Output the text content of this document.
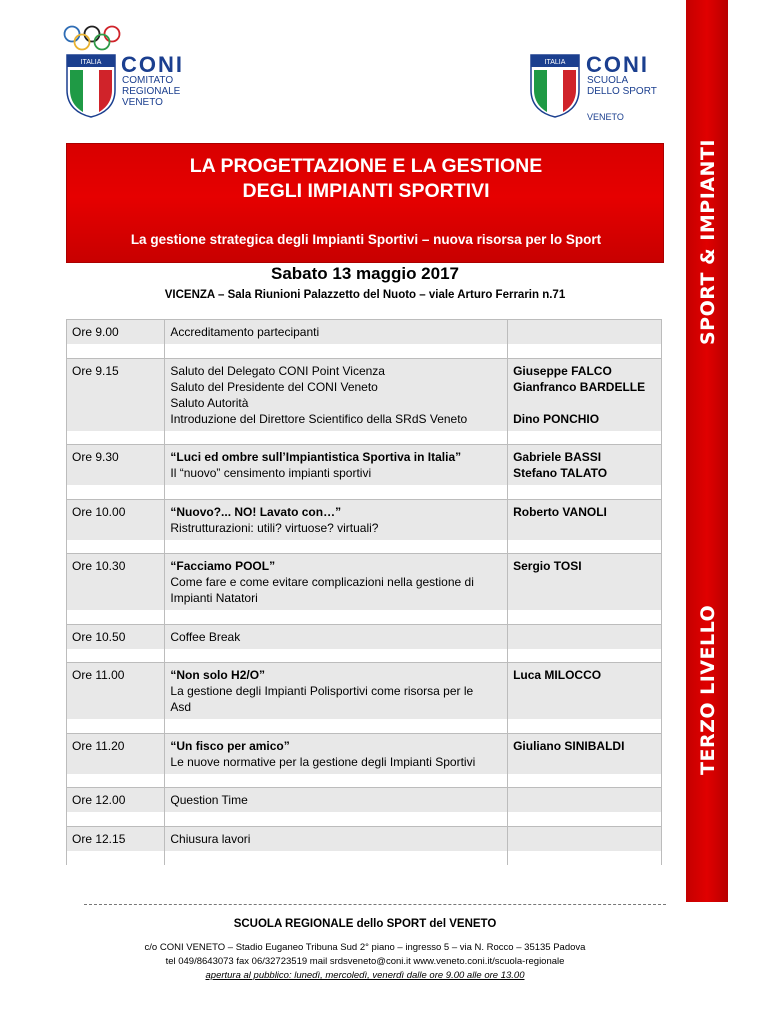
ITALIA CONI
COMITATO
REGIONALE
VENETO
ITALIA CONI
SCUOLA
DELLO SPORT
VENETO
SPORT & IMPIANTI
TERZO LIVELLO
LA PROGETTAZIONE E LA GESTIONE
DEGLI IMPIANTI SPORTIVI
La gestione strategica degli Impianti Sportivi – nuova risorsa per lo Sport
Sabato 13 maggio 2017
VICENZA – Sala Riunioni Palazzetto del Nuoto – viale Arturo Ferrarin n.71
Ore 9.00	Accreditamento partecipanti	

Ore 9.15	Saluto del Delegato CONI Point Vicenza
Saluto del Presidente del CONI Veneto
Saluto Autorità
Introduzione del Direttore Scientifico della SRdS Veneto	Giuseppe FALCO
Gianfranco BARDELLE

Dino PONCHIO

Ore 9.30	“Luci ed ombre sull’Impiantistica Sportiva in Italia”
Il “nuovo” censimento impianti sportivi	Gabriele BASSI
Stefano TALATO

Ore 10.00	“Nuovo?... NO! Lavato con…”
Ristrutturazioni: utili? virtuose? virtuali?	Roberto VANOLI

Ore 10.30	“Facciamo POOL”
Come fare e come evitare complicazioni nella gestione di
Impianti Natatori	Sergio TOSI

Ore 10.50	Coffee Break	

Ore 11.00	“Non solo H2/O”
La gestione degli Impianti Polisportivi come risorsa per le
Asd	Luca MILOCCO

Ore 11.20	“Un fisco per amico”
Le nuove normative per la gestione degli Impianti Sportivi	Giuliano SINIBALDI

Ore 12.00	Question Time	

Ore 12.15	Chiusura lavori	

SCUOLA REGIONALE dello SPORT del VENETO
c/o CONI VENETO – Stadio Euganeo Tribuna Sud 2° piano – ingresso 5 – via N. Rocco – 35135 Padova
tel 049/8643073 fax 06/32723519 mail srdsveneto@coni.it www.veneto.coni.it/scuola-regionale
apertura al pubblico: lunedì, mercoledì, venerdì dalle ore 9.00 alle ore 13.00
